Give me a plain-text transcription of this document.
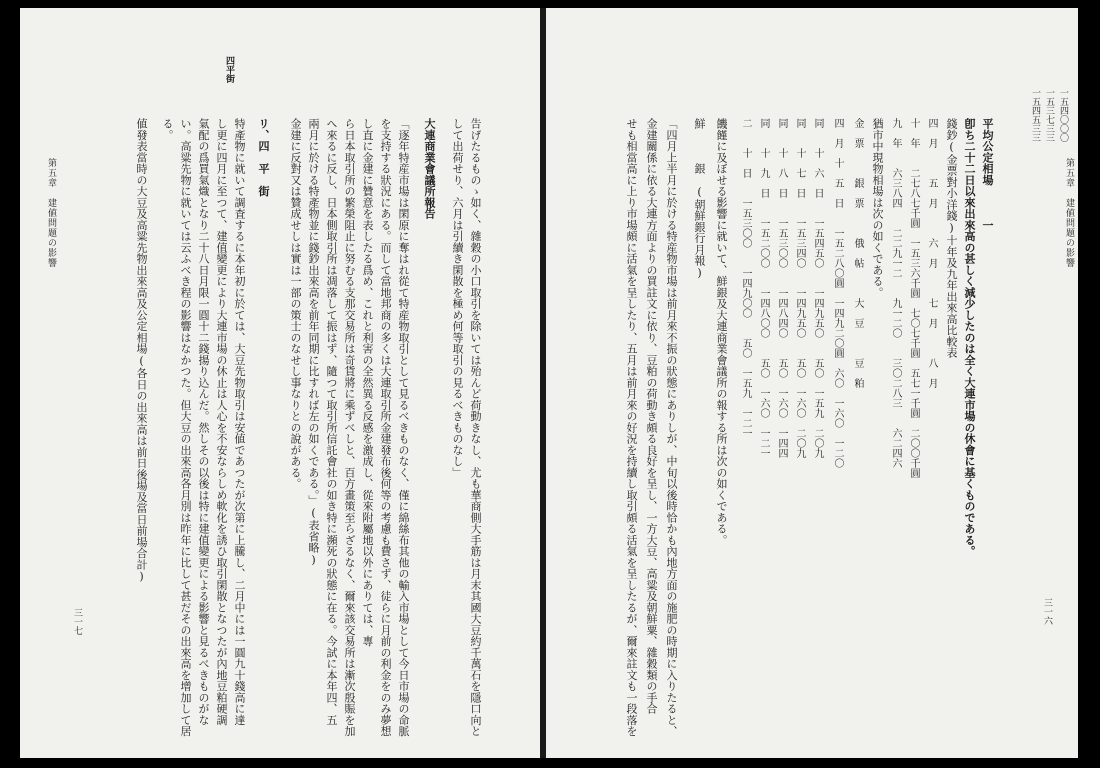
第五章　建値問題の影響
三一六
一五四〇〇〇
一五三七三三
一五四五三三
平均公定相場　　　一
卽ち二十二日以來出來高の甚しく減少したのは全く大連市場の休會に基くものである。
錢鈔(金票對小洋錢)十年及九年出來高比較表
四　月　　　五　月　　　六　月　　　七　月　　　八　月
十　年　　二七八七千圓　一五三六千圓　七〇七千圓　五七一千圓　二〇〇千圓
九　年　　六三八四　　二二九一二　　九一二〇　　三〇二八三　　六二四六
猶市中現物相場は次の如くである。
金　票　　　銀　票　　　俄　帖　　　大　豆　　　豆　粕
四　月　十　五　日　　一五二八〇圓　一四九二〇圓　六〇　一六〇　一二〇
同　　十　六　日　　一五四五〇　　一四九五〇　　五〇　一五九　二〇九
同　　十　七　日　　一五三四〇　　一四九五〇　　五〇　一六〇　二〇九
同　　十　八　日　　一五三〇〇　　一四八四〇　　五〇　一六〇　一四四
同　　十　九　日　　一五二〇〇　　一四八〇〇　　五〇　一六〇　一二一
二　　十　日　　一五三〇〇　　一四九〇〇　　五〇　一五九　一二一
饑饉に及ぼせる影響に就いて、鮮銀及大連商業會議所の報する所は次の如くである。
鮮　　　銀　(朝鮮銀行月報)
「四月上半月に於ける特産物市場は前月來不振の狀態にありしが、中旬以後時恰かも內地方面の施肥の時期に入りたると、
金建關係に依る大連方面よりの買註文に依り、豆粕の荷動き頗る良好を呈し、一方大豆、高粱及朝鮮粟、雜穀類の手合
せも相當高に上り市場頗に活氣を呈したり、五月は前月來の好況を持續し取引頗る活氣を呈したるが、爾來註文も一段落を
第五章　建値問題の影響
三一七
四平街
告げたるものゝ如く、雜穀の小口取引を除いては殆んど荷動きなし、尤も華商側大手筋は月末其國大豆約千萬石を隱口向と
して出荷せり、六月は引續き閑散を極め何等取引の見るべきものなし」
大連商業會議所報告
「逐年特産市場は閑原に奪はれ從て特産物取引として見るべきものなく、僅に綿絲布其他の輸入市場として今日市場の命脈
を支持する狀況にある。而して當地邦商の多くは大連取引所金建發布後何等の考慮も費さず、徒らに月前の利金をのみ夢想
し直に金建に贊意を表したる爲め、これと利害の全然異る反感を激成し、從來附屬地以外にありては、專
ら日本取引所の繁榮阻止に努むる支那交易所は奇貨將に乘ずべしと、百方畫策至らざるなく、爾來該交易所は漸次殷賑を加
へ來るに反し、日本側取引所は凋落して振はず、隨つて取引所信託會社の如き特に瀕死の狀態に在る。今試に本年四、五
兩月に於ける特產物並に錢鈔出來高を前年同期に比すれば左の如くである。」(表省略)
金建に反對又は贊成せしは實は一部の策士のなせし事なりとの說がある。
リ、四　平　街
特產物に就いて調査するに本年初に於ては、大豆先物取引は安値であつたが次第に上騰し、二月中には一圓九十錢高に達
し更に四月に至つて、建值變更により大連市場の休止は人心を不安ならしめ軟化を誘ひ取引閑散となつたが內地豆粕硬調
氣配の爲買氣熾となり二十八日月限一圓十二錢揚り込んだ。然しその以後は特に建值變更による影響と見るべきものがな
い。高粱先物に就いては云ふべき程の影響はなかつた。但大豆の出來高各月別は昨年に比して甚だその出來高を增加して居
る。
値發表當時の大豆及高粱先物出來高及公定相場(各日の出來高は前日後場及當日前場合計)
